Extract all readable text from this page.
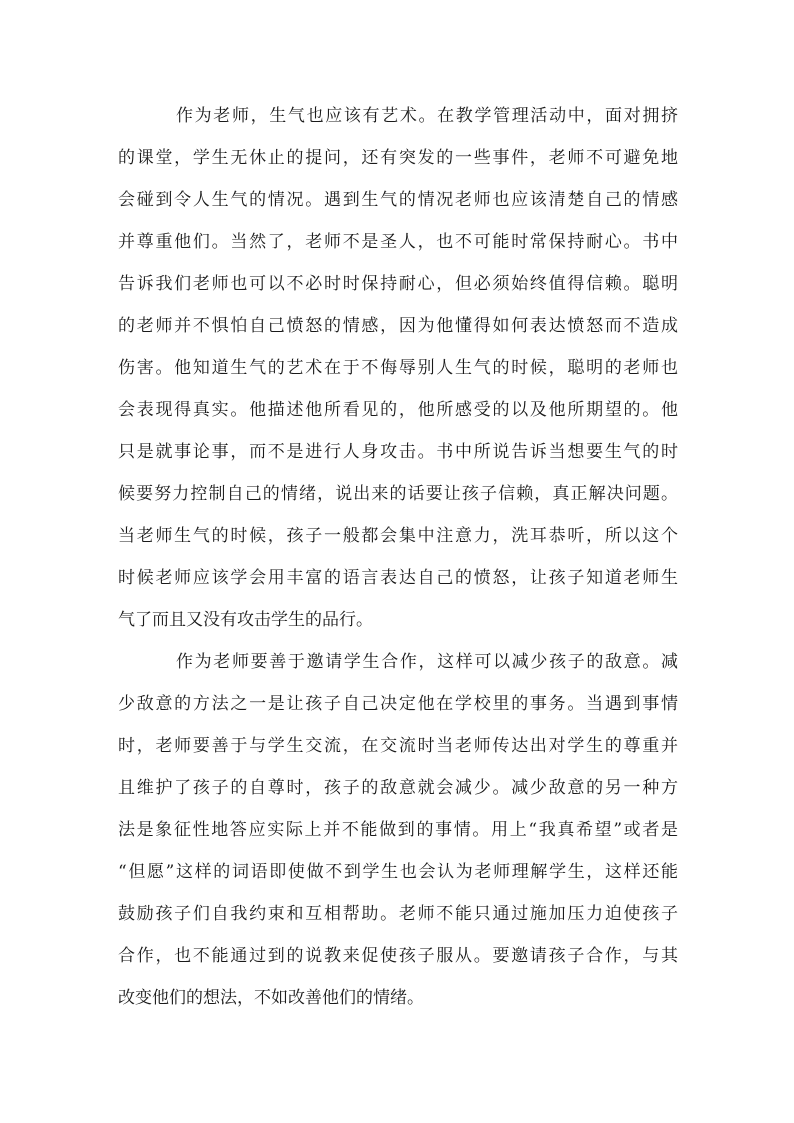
作为老师，生气也应该有艺术。在教学管理活动中，面对拥挤
的课堂，学生无休止的提问，还有突发的一些事件，老师不可避免地
会碰到令人生气的情况。遇到生气的情况老师也应该清楚自己的情感
并尊重他们。当然了，老师不是圣人，也不可能时常保持耐心。书中
告诉我们老师也可以不必时时保持耐心，但必须始终值得信赖。聪明
的老师并不惧怕自己愤怒的情感，因为他懂得如何表达愤怒而不造成
伤害。他知道生气的艺术在于不侮辱别人生气的时候，聪明的老师也
会表现得真实。他描述他所看见的，他所感受的以及他所期望的。他
只是就事论事，而不是进行人身攻击。书中所说告诉当想要生气的时
候要努力控制自己的情绪，说出来的话要让孩子信赖，真正解决问题。
当老师生气的时候，孩子一般都会集中注意力，洗耳恭听，所以这个
时候老师应该学会用丰富的语言表达自己的愤怒，让孩子知道老师生
气了而且又没有攻击学生的品行。
作为老师要善于邀请学生合作，这样可以减少孩子的敌意。减
少敌意的方法之一是让孩子自己决定他在学校里的事务。当遇到事情
时，老师要善于与学生交流，在交流时当老师传达出对学生的尊重并
且维护了孩子的自尊时，孩子的敌意就会减少。减少敌意的另一种方
法是象征性地答应实际上并不能做到的事情。用上“我真希望”或者是
“但愿”这样的词语即使做不到学生也会认为老师理解学生，这样还能
鼓励孩子们自我约束和互相帮助。老师不能只通过施加压力迫使孩子
合作，也不能通过到的说教来促使孩子服从。要邀请孩子合作，与其
改变他们的想法，不如改善他们的情绪。
